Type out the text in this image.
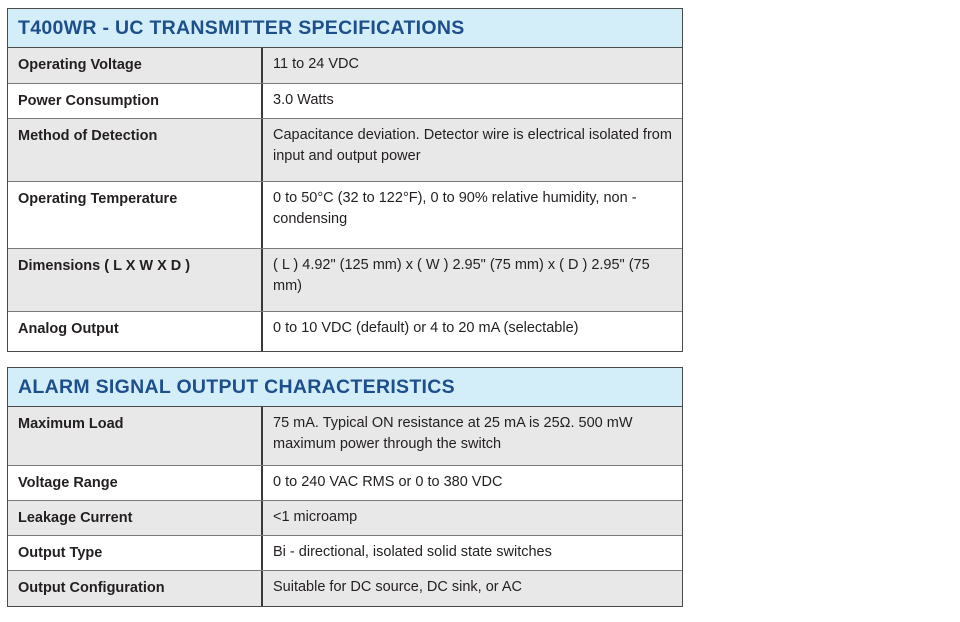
T400WR - UC TRANSMITTER SPECIFICATIONS
Operating Voltage	11 to 24 VDC
Power Consumption	3.0 Watts
Method of Detection	Capacitance deviation. Detector wire is electrical isolated from input and output power
Operating Temperature	0 to 50°C (32 to 122°F), 0 to 90% relative humidity, non - condensing
Dimensions ( L X W X D )	( L ) 4.92" (125 mm) x ( W ) 2.95" (75 mm) x ( D ) 2.95" (75 mm)
Analog Output	0 to 10 VDC (default) or 4 to 20 mA (selectable)
ALARM SIGNAL OUTPUT CHARACTERISTICS
Maximum Load	75 mA. Typical ON resistance at 25 mA is 25Ω. 500 mW maximum power through the switch
Voltage Range	0 to 240 VAC RMS or 0 to 380 VDC
Leakage Current	<1 microamp
Output Type	Bi - directional, isolated solid state switches
Output Configuration	Suitable for DC source, DC sink, or AC
